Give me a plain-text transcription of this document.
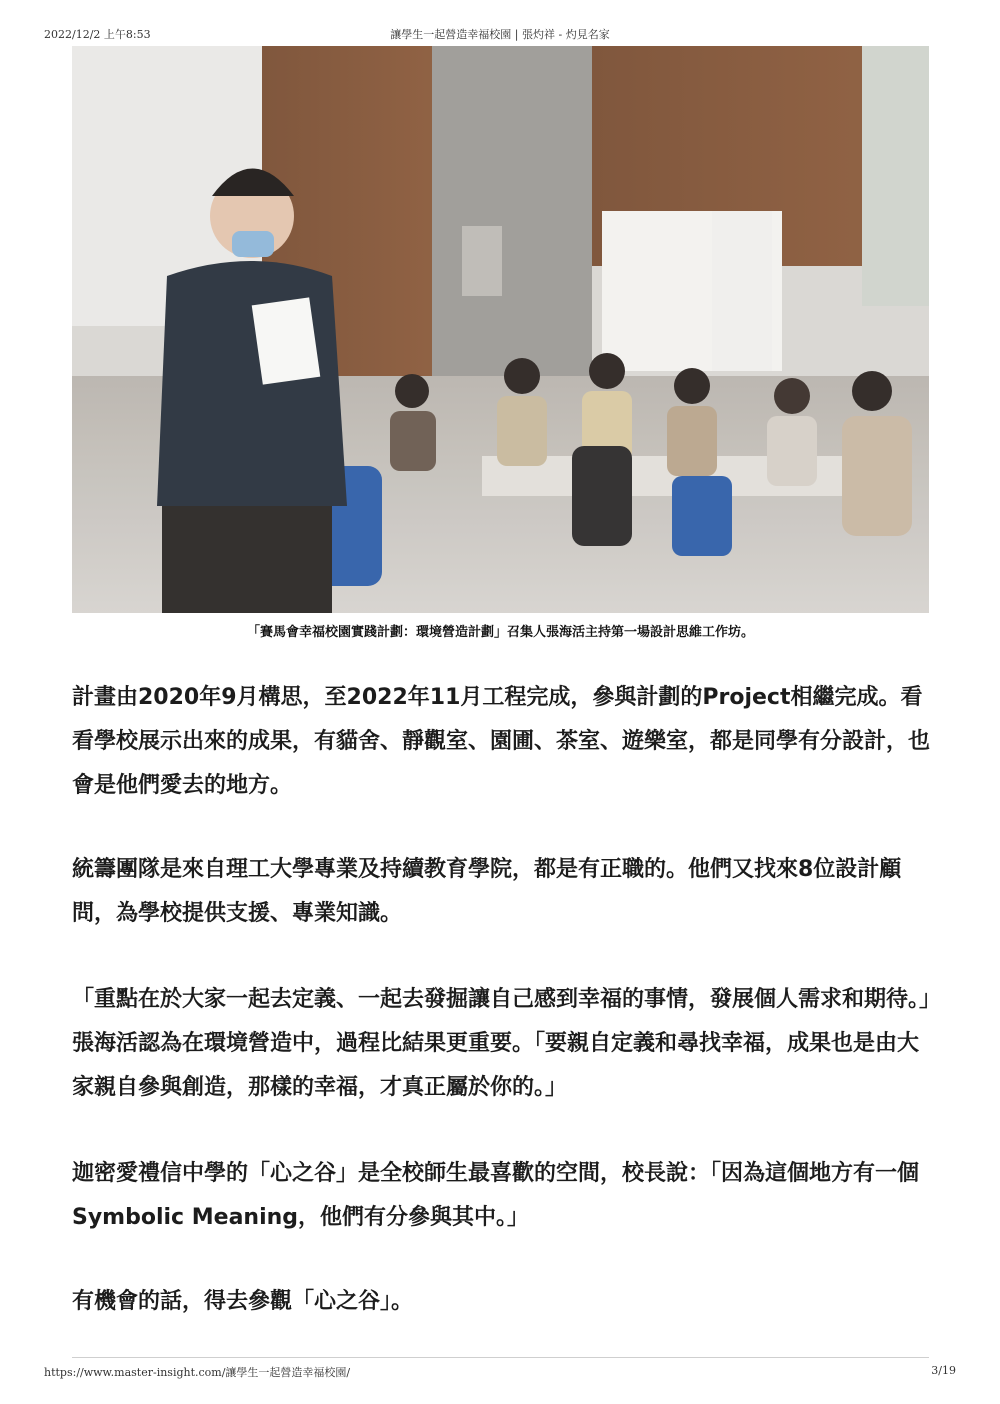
2022/12/2 上午8:53	讓學生一起營造幸福校園 | 張灼祥 - 灼見名家
「賽馬會幸福校園實踐計劃：環境營造計劃」召集人張海活主持第一場設計思維工作坊。

計畫由2020年9月構思，至2022年11月工程完成，參與計劃的Project相繼完成。看看學校展示出來的成果，有貓舍、靜觀室、園圃、茶室、遊樂室，都是同學有分設計，也會是他們愛去的地方。

統籌團隊是來自理工大學專業及持續教育學院，都是有正職的。他們又找來8位設計顧問，為學校提供支援、專業知識。

「重點在於大家一起去定義、一起去發掘讓自己感到幸福的事情，發展個人需求和期待。」張海活認為在環境營造中，過程比結果更重要。「要親自定義和尋找幸福，成果也是由大家親自參與創造，那樣的幸福，才真正屬於你的。」

迦密愛禮信中學的「心之谷」是全校師生最喜歡的空間，校長說：「因為這個地方有一個Symbolic Meaning，他們有分參與其中。」

有機會的話，得去參觀「心之谷」。

https://www.master-insight.com/讓學生一起營造幸福校園/	3/19
